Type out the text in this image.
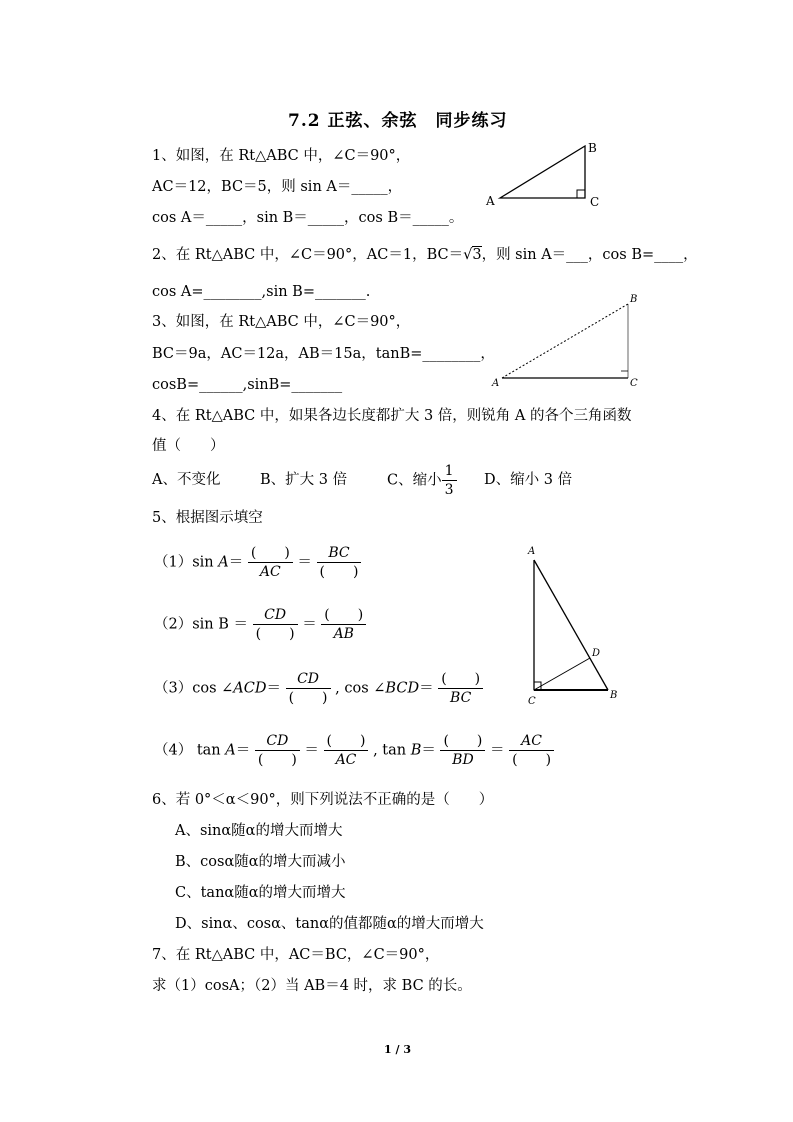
7.2 正弦、余弦　同步练习
1、如图，在 Rt△ABC 中，∠C＝90°，
AC＝12，BC＝5，则 sin A＝_____，
cos A＝_____，sin B＝_____，cos B＝_____。
A
B
C
2、在 Rt△ABC 中，∠C＝90°，AC＝1，BC＝√3，则 sin A＝___，cos B=____，
cos A=________,sin B=_______.
3、如图，在 Rt△ABC 中，∠C＝90°，
BC＝9a，AC＝12a，AB＝15a，tanB=________，
cosB=______,sinB=_______	A
B
C
4、在 Rt△ABC 中，如果各边长度都扩大 3 倍，则锐角 A 的各个三角函数
值（　　）
A、不变化	B、扩大 3 倍	C、缩小 $\frac{1}{3}$ D、缩小 3 倍
5、根据图示填空
（1）sin $A= \frac{( )}{AC} = \frac{BC}{( )}$
（2）sin $B = \frac{CD}{( )} = \frac{( )}{AB}$
（3）cos ∠ACD＝ $\frac{CD}{( )}$ , cos ∠BCD＝ $\frac{( )}{BC}$
（4） $\tan A= \frac{CD}{( )} = \frac{( )}{AC}$ , $\tan B= \frac{( )}{BD} = \frac{AC}{( )}$
A
D
C
B
6、若 0°＜α＜90°，则下列说法不正确的是（　　）
A、sinα随α的增大而增大
B、cosα随α的增大而减小
C、tanα随α的增大而增大
D、sinα、cosα、tanα的值都随α的增大而增大
7、在 Rt△ABC 中，AC＝BC，∠C＝90°，
求（1）cosA；（2）当 AB＝4 时，求 BC 的长。
1 / 3
